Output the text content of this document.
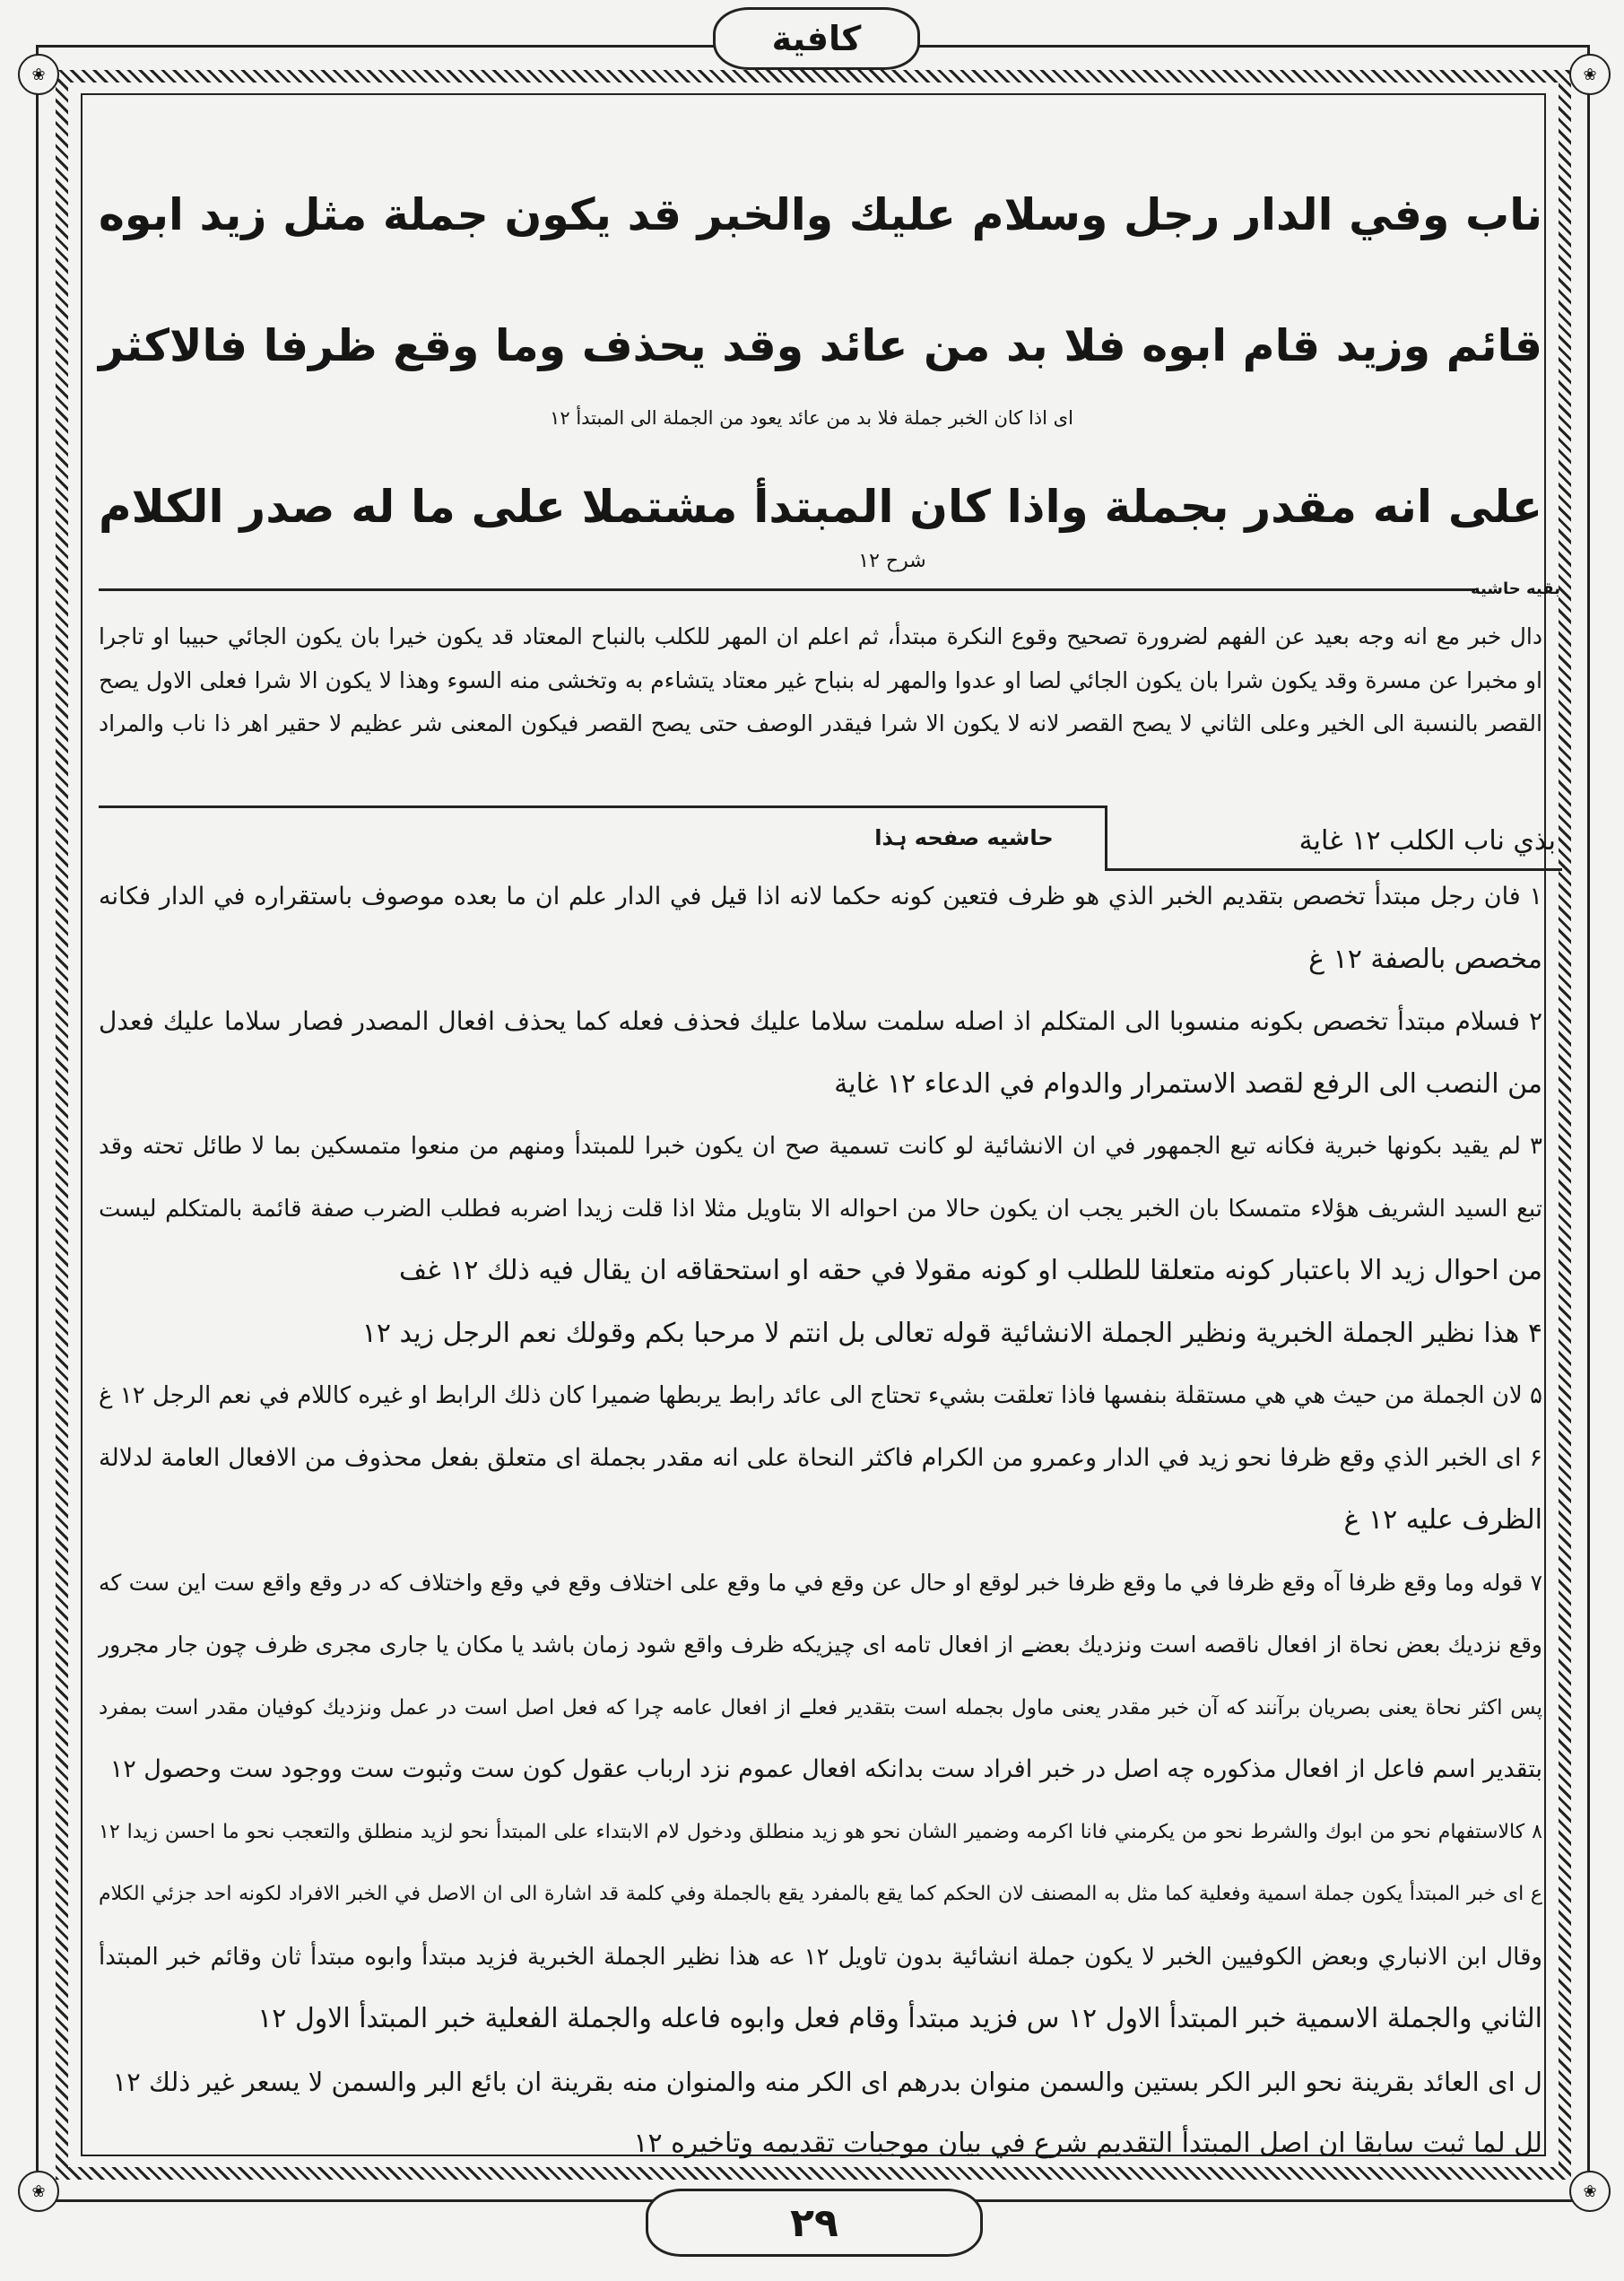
❀	❀
❀	❀
كافية
ناب وفي الدار رجل وسلام عليك والخبر قد يكون جملة مثل زيد ابوه
قائم وزيد قام ابوه فلا بد من عائد وقد يحذف وما وقع ظرفا فالاكثر
على انه مقدر بجملة واذا كان المبتدأ مشتملا على ما له صدر الكلام
اى اذا كان الخبر جملة فلا بد من عائد يعود من الجملة الى المبتدأ ۱۲
شرح ۱۲
بقیه حاشیه
دال خبر مع انه وجه بعيد عن الفهم لضرورة تصحيح وقوع النكرة مبتدأ، ثم اعلم ان المهر للكلب بالنباح المعتاد قد يكون خيرا بان يكون الجائي حبيبا او تاجرا
او مخبرا عن مسرة وقد يكون شرا بان يكون الجائي لصا او عدوا والمهر له بنباح غير معتاد يتشاءم به وتخشى منه السوء وهذا لا يكون الا شرا فعلى الاول يصح
القصر بالنسبة الى الخير وعلى الثاني لا يصح القصر لانه لا يكون الا شرا فيقدر الوصف حتى يصح القصر فيكون المعنى شر عظيم لا حقير اهر ذا ناب والمراد
بذي ناب الكلب ۱۲ غاية
حاشیه صفحه ہذا
۱ فان رجل مبتدأ تخصص بتقديم الخبر الذي هو ظرف فتعين كونه حكما لانه اذا قيل في الدار علم ان ما بعده موصوف باستقراره في الدار فكانه
مخصص بالصفة ۱۲ غ
۲ فسلام مبتدأ تخصص بكونه منسوبا الى المتكلم اذ اصله سلمت سلاما عليك فحذف فعله كما يحذف افعال المصدر فصار سلاما عليك فعدل
من النصب الى الرفع لقصد الاستمرار والدوام في الدعاء ۱۲ غاية
۳ لم يقيد بكونها خبرية فكانه تبع الجمهور في ان الانشائية لو كانت تسمية صح ان يكون خبرا للمبتدأ ومنهم من منعوا متمسكين بما لا طائل تحته وقد
تبع السيد الشريف هؤلاء متمسكا بان الخبر يجب ان يكون حالا من احواله الا بتاويل مثلا اذا قلت زيدا اضربه فطلب الضرب صفة قائمة بالمتكلم ليست
من احوال زيد الا باعتبار كونه متعلقا للطلب او كونه مقولا في حقه او استحقاقه ان يقال فيه ذلك ۱۲ غف
۴ هذا نظير الجملة الخبرية ونظير الجملة الانشائية قوله تعالى بل انتم لا مرحبا بكم وقولك نعم الرجل زيد ۱۲
۵ لان الجملة من حيث هي هي مستقلة بنفسها فاذا تعلقت بشيء تحتاج الى عائد رابط يربطها ضميرا كان ذلك الرابط او غيره كاللام في نعم الرجل ۱۲ غ
۶ اى الخبر الذي وقع ظرفا نحو زيد في الدار وعمرو من الكرام فاكثر النحاة على انه مقدر بجملة اى متعلق بفعل محذوف من الافعال العامة لدلالة
الظرف عليه ۱۲ غ
۷ قوله وما وقع ظرفا آه وقع ظرفا في ما وقع ظرفا خبر لوقع او حال عن وقع في ما وقع على اختلاف وقع في وقع واختلاف كه در وقع واقع ست اين ست كه
وقع نزديك بعض نحاة از افعال ناقصه است ونزديك بعضے از افعال تامه اى چيزيكه ظرف واقع شود زمان باشد يا مكان يا جارى مجرى ظرف چون جار مجرور
پس اكثر نحاة يعنى بصريان برآنند كه آن خبر مقدر يعنى ماول بجمله است بتقدير فعلے از افعال عامه چرا كه فعل اصل است در عمل ونزديك كوفيان مقدر است بمفرد
بتقدير اسم فاعل از افعال مذكوره چه اصل در خبر افراد ست بدانكه افعال عموم نزد ارباب عقول كون ست وثبوت ست ووجود ست وحصول ۱۲
۸ كالاستفهام نحو من ابوك والشرط نحو من يكرمني فانا اكرمه وضمير الشان نحو هو زيد منطلق ودخول لام الابتداء على المبتدأ نحو لزيد منطلق والتعجب نحو ما احسن زيدا ۱۲
ع اى خبر المبتدأ يكون جملة اسمية وفعلية كما مثل به المصنف لان الحكم كما يقع بالمفرد يقع بالجملة وفي كلمة قد اشارة الى ان الاصل في الخبر الافراد لكونه احد جزئي الكلام
وقال ابن الانباري وبعض الكوفيين الخبر لا يكون جملة انشائية بدون تاويل ۱۲ عه هذا نظير الجملة الخبرية فزيد مبتدأ وابوه مبتدأ ثان وقائم خبر المبتدأ
الثاني والجملة الاسمية خبر المبتدأ الاول ۱۲ س فزيد مبتدأ وقام فعل وابوه فاعله والجملة الفعلية خبر المبتدأ الاول ۱۲
ل اى العائد بقرينة نحو البر الكر بستين والسمن منوان بدرهم اى الكر منه والمنوان منه بقرينة ان بائع البر والسمن لا يسعر غير ذلك ۱۲
لل لما ثبت سابقا ان اصل المبتدأ التقديم شرع في بيان موجبات تقديمه وتاخيره ۱۲
۲۹
